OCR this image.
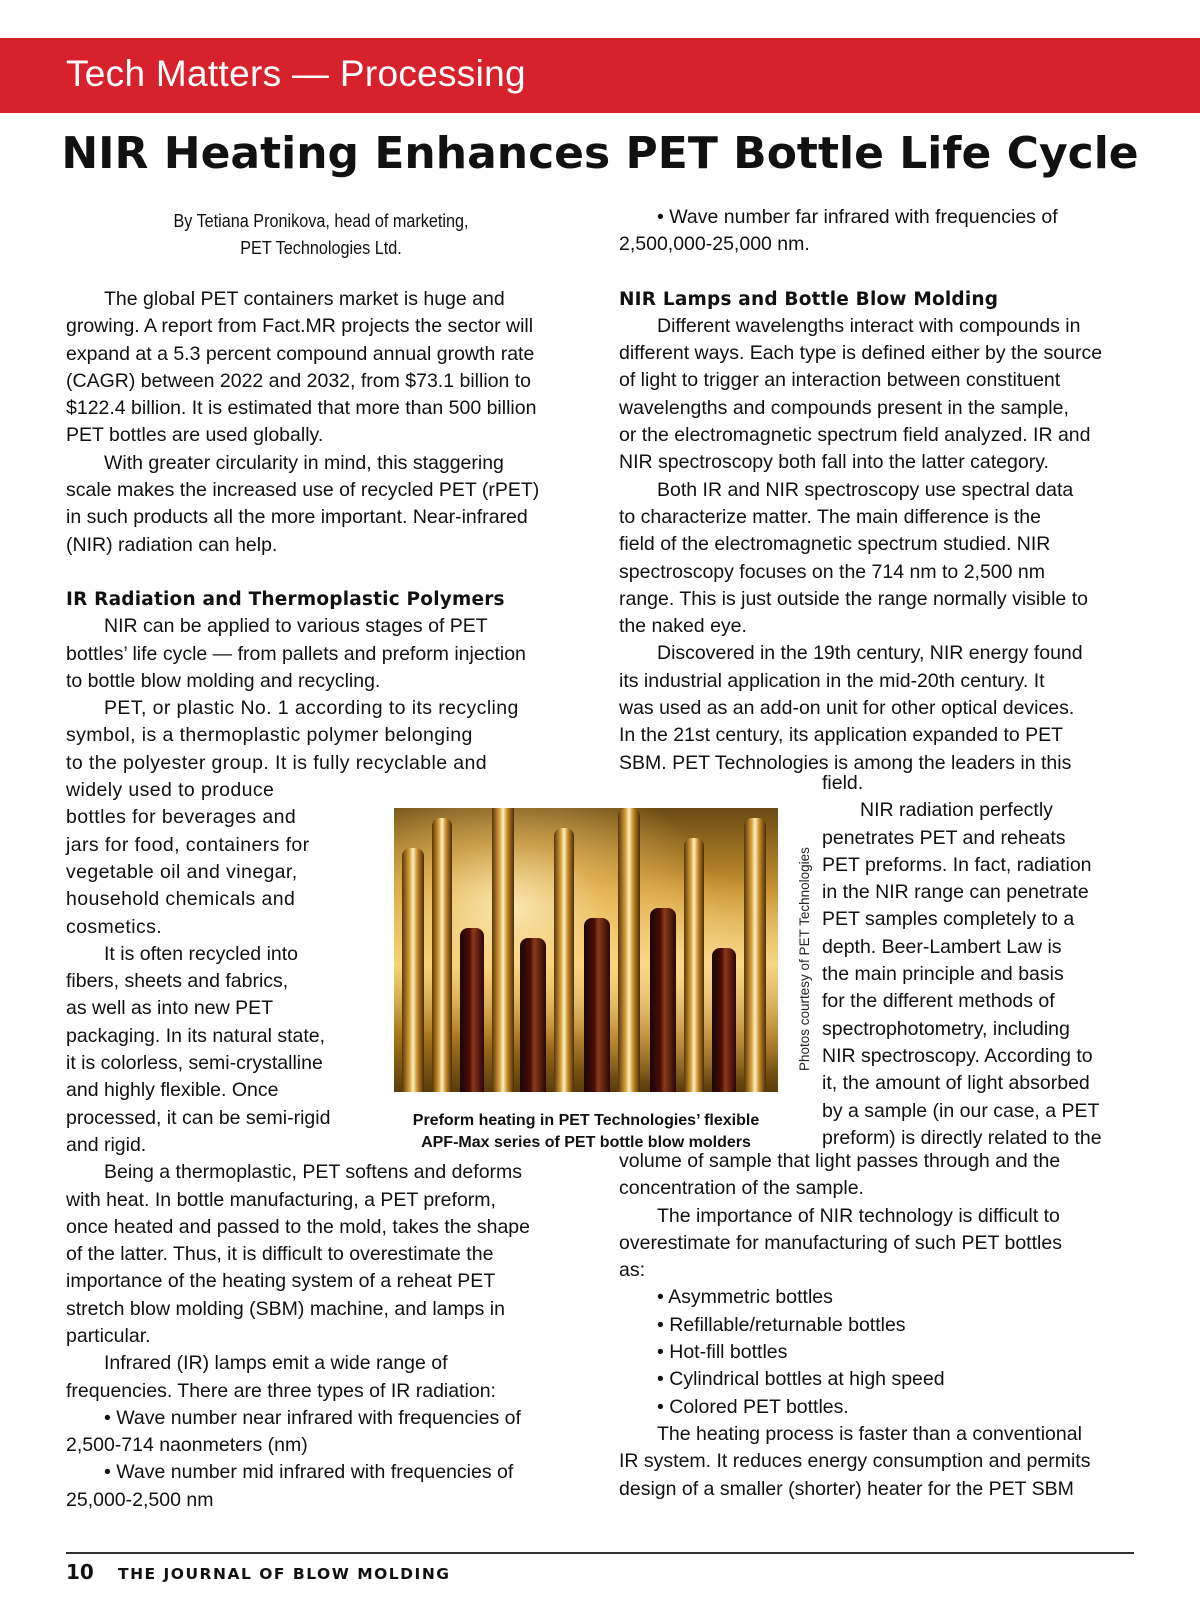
Tech Matters — Processing
NIR Heating Enhances PET Bottle Life Cycle
By Tetiana Pronikova, head of marketing,
PET Technologies Ltd.

The global PET containers market is huge and
growing. A report from Fact.MR projects the sector will
expand at a 5.3 percent compound annual growth rate
(CAGR) between 2022 and 2032, from $73.1 billion to
$122.4 billion. It is estimated that more than 500 billion
PET bottles are used globally.

With greater circularity in mind, this staggering
scale makes the increased use of recycled PET (rPET)
in such products all the more important. Near-infrared
(NIR) radiation can help.

IR Radiation and Thermoplastic Polymers

NIR can be applied to various stages of PET
bottles’ life cycle — from pallets and preform injection
to bottle blow molding and recycling.

PET, or plastic No. 1 according to its recycling
symbol, is a thermoplastic polymer belonging
to the polyester group. It is fully recyclable and
widely used to produce
bottles for beverages and
jars for food, containers for
vegetable oil and vinegar,
household chemicals and
cosmetics.

It is often recycled into
fibers, sheets and fabrics,
as well as into new PET
packaging. In its natural state,
it is colorless, semi-crystalline
and highly flexible. Once
processed, it can be semi-rigid
and rigid.

Being a thermoplastic, PET softens and deforms
with heat. In bottle manufacturing, a PET preform,
once heated and passed to the mold, takes the shape
of the latter. Thus, it is difficult to overestimate the
importance of the heating system of a reheat PET
stretch blow molding (SBM) machine, and lamps in
particular.

Infrared (IR) lamps emit a wide range of
frequencies. There are three types of IR radiation:

• Wave number near infrared with frequencies of
2,500-714 naonmeters (nm)

• Wave number mid infrared with frequencies of
25,000-2,500 nm

• Wave number far infrared with frequencies of
2,500,000-25,000 nm.

NIR Lamps and Bottle Blow Molding

Different wavelengths interact with compounds in
different ways. Each type is defined either by the source
of light to trigger an interaction between constituent
wavelengths and compounds present in the sample,
or the electromagnetic spectrum field analyzed. IR and
NIR spectroscopy both fall into the latter category.

Both IR and NIR spectroscopy use spectral data
to characterize matter. The main difference is the
field of the electromagnetic spectrum studied. NIR
spectroscopy focuses on the 714 nm to 2,500 nm
range. This is just outside the range normally visible to
the naked eye.

Discovered in the 19th century, NIR energy found
its industrial application in the mid-20th century. It
was used as an add-on unit for other optical devices.
In the 21st century, its application expanded to PET
SBM. PET Technologies is among the leaders in this

field.

NIR radiation perfectly
penetrates PET and reheats
PET preforms. In fact, radiation
in the NIR range can penetrate
PET samples completely to a
depth. Beer-Lambert Law is
the main principle and basis
for the different methods of
spectrophotometry, including
NIR spectroscopy. According to
it, the amount of light absorbed
by a sample (in our case, a PET
preform) is directly related to the

volume of sample that light passes through and the
concentration of the sample.

The importance of NIR technology is difficult to
overestimate for manufacturing of such PET bottles
as:

• Asymmetric bottles
• Refillable/returnable bottles
• Hot-fill bottles
• Cylindrical bottles at high speed
• Colored PET bottles.

The heating process is faster than a conventional
IR system. It reduces energy consumption and permits
design of a smaller (shorter) heater for the PET SBM

Photos courtesy of PET Technologies
Preform heating in PET Technologies’ flexible
APF-Max series of PET bottle blow molders
10 THE JOURNAL OF BLOW MOLDING
